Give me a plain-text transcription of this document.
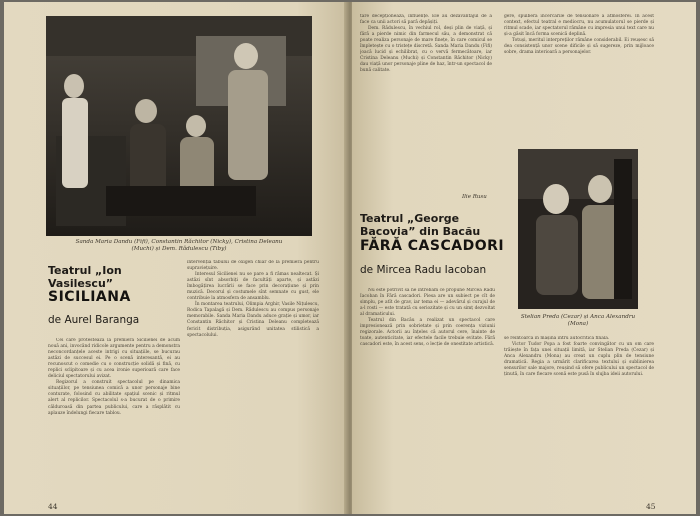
Sanda Maria Dandu (Fifi), Constantin Răchitor (Nicky), Cristina Deleanu (Muchi) și Dem. Rădulescu (Tiby)
Teatrul „Ion Vasilescu”
SICILIANA
de Aurel Baranga

Cei care protestează la premiera Sicilienei de acum nouă ani, invocând ridicole argumente pentru a demonstra neconcordanțele aceste intrigi cu situațiile, se bucurau astăzi de succesul ei. Pe o scenă interesantă, ei au recunoscut o comedie cu o construcție solidă și fină, cu replici sclipitoare și cu acea ironie superioară care face deliciul spectatorului avizat.

Regizorul a construit spectacolul pe dinamica situațiilor, pe tensiunea comică a unor personaje bine conturate, folosind cu abilitate spațiul scenic și ritmul alert al replicilor. Spectacolul s-a bucurat de o primire călduroasă din partea publicului, care a răsplătit cu aplauze îndelungi fiecare tablou.

intervenția tabului de oxigen chiar de la premieră pentru supraviețuire.

Interesul Sicilienei nu se pare a fi rămas nealtecat. Și astăzi sînt absorbiți de facultăți aparte, și astăzi îmbogățirea lucrării se face prin decorațiune și prin muzică. Decorul și costumele sînt semnate cu gust, ele contribuie la atmosfera de ansamblu.

În montarea teatrului, Olimpia Arghir, Vasile Nițulescu, Rodica Tapalagă și Dem. Rădulescu au compus personaje memorabile. Sanda Maria Dandu aduce grație și umor, iar Constantin Răchitor și Cristina Deleanu completează fericit distribuția, asigurând unitatea stilistică a spectacolului.

44

tăre decepționează, influențe. Ele au dezavantajul de a face ca unii actori să pară depășiți.

Dem. Rădulescu, în vechiul rol, deși plin de viață, și fără a pierde nimic din farmecul său, a demonstrat că poate realiza personaje de mare finețe, în care comicul se împletește cu o tristețe discretă. Sanda Maria Dandu (Fifi) joacă lucid și echilibrat, cu o vervă fermecătoare, iar Cristina Deleanu (Muchi) și Constantin Răchitor (Nicky) dau viață unor personaje pline de haz, într-un spectacol de bună calitate.

Ilie Rusu
Teatrul „George Bacovia” din Bacău
FĂRĂ CASCADORI
de Mircea Radu Iacoban

Nu este potrivit să ne întrebăm ce propune Mircea Radu Iacoban în Fără cascadori. Piesa are un subiect pe cît de simplu, pe atît de grav, iar tema ei — adevărul și curajul de a-l rosti — este tratată cu seriozitate și cu un simț dezvoltat al dramaticului.

Teatrul din Bacău a realizat un spectacol care impresionează prin sobrietate și prin coerența viziunii regizorale. Actorii au înțeles că autorul cere, înainte de toate, autenticitate, iar efectele facile trebuie evitate. Fără cascadori este, în acest sens, o lecție de onestitate artistică.

gere, spulberă încercările de tensionare a atmosferei. În acest context, efectul teatral e mediocru, nu acumulatorul se pierde și ritmul scade, iar spectatorul rămâne cu impresia unui text care nu și-a găsit încă forma scenică deplină.

Totuși, meritul interpreților rămâne considerabil. Ei reușesc să dea consistență unor scene dificile și să sugereze, prin mijloace sobre, drama interioară a personajelor.

Stelian Preda (Cezar) și Anca Alexandru (Mona)

se reîntoarcă în mașină întru autocritica finală.

Victor Tudor Popa a fost foarte convingător cu un om care trăiește în fața unei situații limită, iar Stelian Preda (Cezar) și Anca Alexandru (Mona) au creat un cuplu plin de tensiune dramatică. Regia a urmărit clarificarea textului și sublinierea sensurilor sale majore, reușind să ofere publicului un spectacol de ținută, în care fiecare scenă este pusă în slujba ideii autorului.

45
